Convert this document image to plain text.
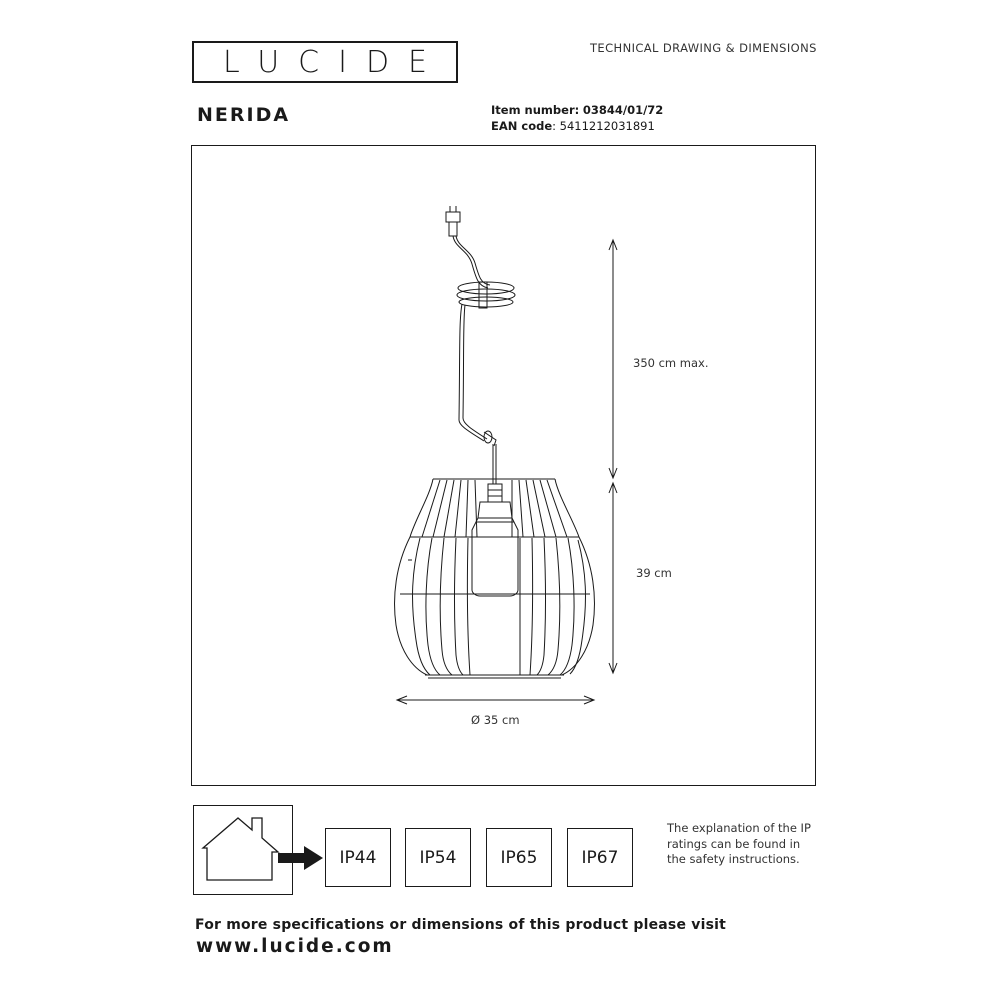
LUCIDE	TECHNICAL DRAWING & DIMENSIONS
NERIDA	Item number: 03844/01/72
EAN code: 5411212031891
350 cm max.
39 cm
Ø 35 cm
IP44	IP54	IP65	IP67
The explanation of the IP ratings can be found in the safety instructions.
For more specifications or dimensions of this product please visit
www.lucide.com
